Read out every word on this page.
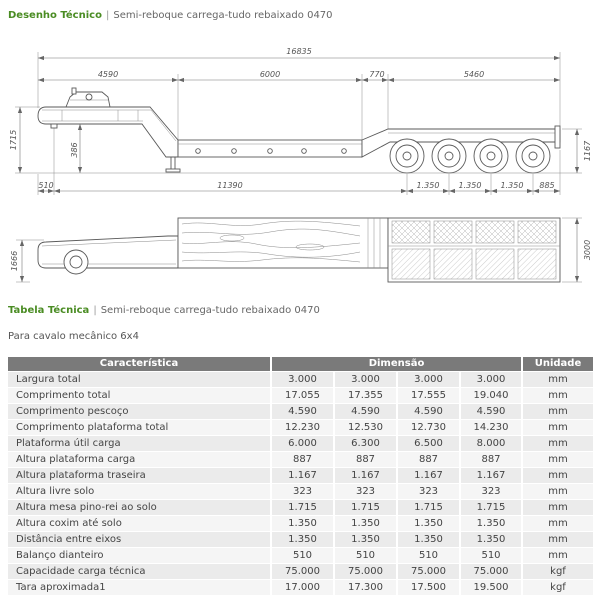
16835
4590	6000	770	5460
1715	386	1167
510	11390	1.350 1.350 1.350 885
1666
3000
Desenho Técnico | Semi-reboque carrega-tudo rebaixado 0470
Tabela Técnica | Semi-reboque carrega-tudo rebaixado 0470
Para cavalo mecânico 6x4
Característica	Dimensão				Unidade
Largura total	3.000	3.000	3.000	3.000	mm
Comprimento total	17.055	17.355	17.555	19.040	mm
Comprimento pescoço	4.590	4.590	4.590	4.590	mm
Comprimento plataforma total	12.230	12.530	12.730	14.230	mm
Plataforma útil carga	6.000	6.300	6.500	8.000	mm
Altura plataforma carga	887	887	887	887	mm
Altura plataforma traseira	1.167	1.167	1.167	1.167	mm
Altura livre solo	323	323	323	323	mm
Altura mesa pino-rei ao solo	1.715	1.715	1.715	1.715	mm
Altura coxim até solo	1.350	1.350	1.350	1.350	mm
Distância entre eixos	1.350	1.350	1.350	1.350	mm
Balanço dianteiro	510	510	510	510	mm
Capacidade carga técnica	75.000	75.000	75.000	75.000	kgf
Tara aproximada1	17.000	17.300	17.500	19.500	kgf
